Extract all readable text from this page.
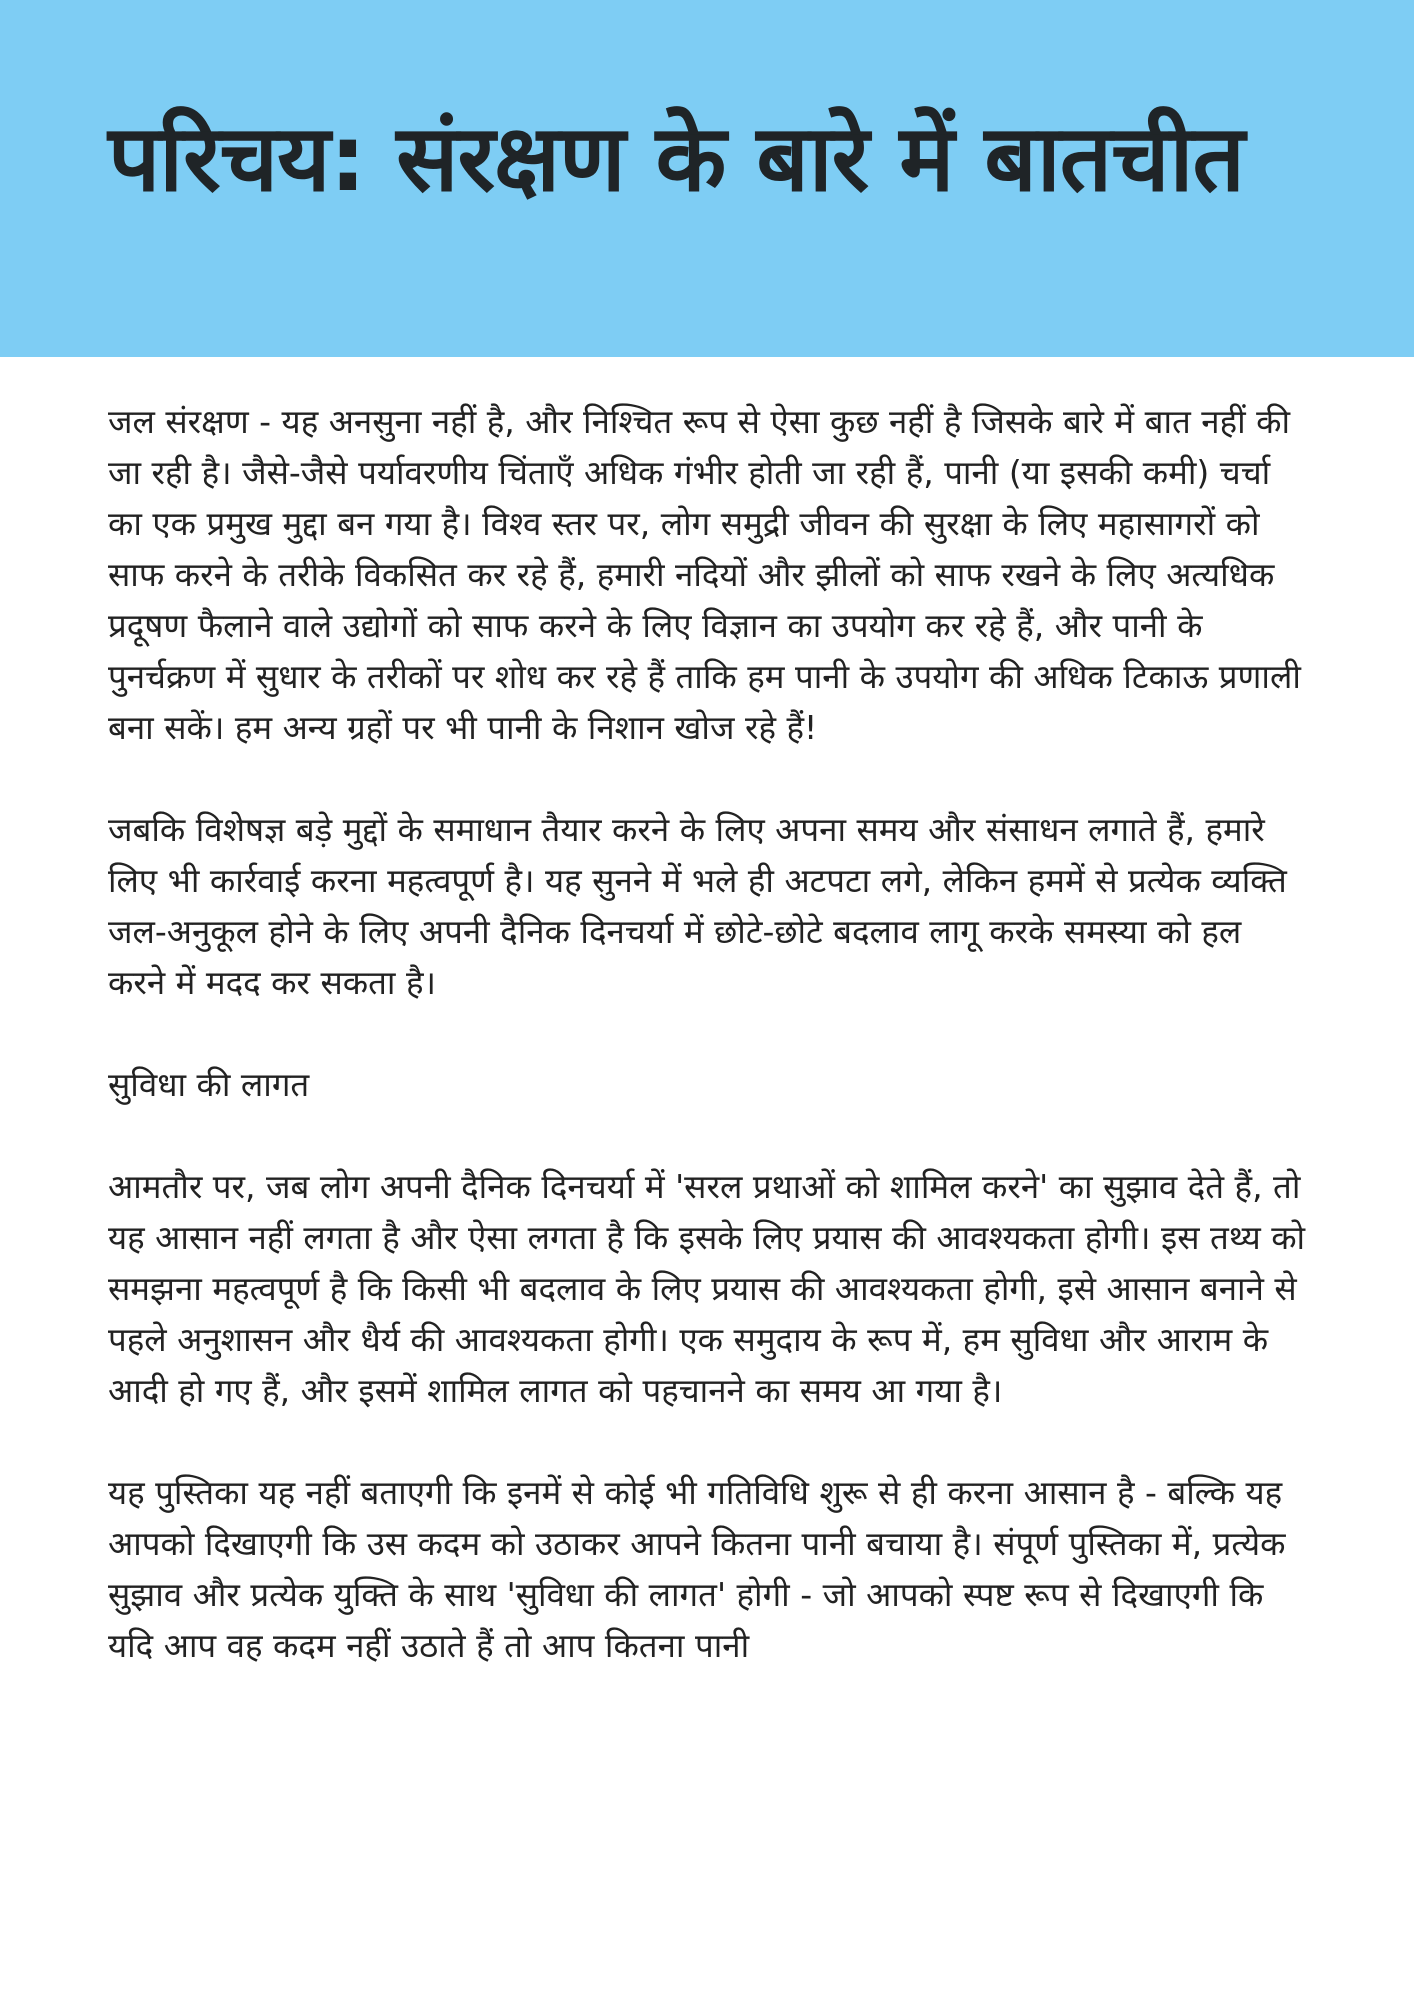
परिचय: संरक्षण के बारे में बातचीत

जल संरक्षण - यह अनसुना नहीं है, और निश्चित रूप से ऐसा कुछ नहीं है जिसके बारे में बात नहीं की जा रही है। जैसे-जैसे पर्यावरणीय चिंताएँ अधिक गंभीर होती जा रही हैं, पानी (या इसकी कमी) चर्चा का एक प्रमुख मुद्दा बन गया है। विश्व स्तर पर, लोग समुद्री जीवन की सुरक्षा के लिए महासागरों को साफ करने के तरीके विकसित कर रहे हैं, हमारी नदियों और झीलों को साफ रखने के लिए अत्यधिक प्रदूषण फैलाने वाले उद्योगों को साफ करने के लिए विज्ञान का उपयोग कर रहे हैं, और पानी के पुनर्चक्रण में सुधार के तरीकों पर शोध कर रहे हैं ताकि हम पानी के उपयोग की अधिक टिकाऊ प्रणाली बना सकें। हम अन्य ग्रहों पर भी पानी के निशान खोज रहे हैं!

जबकि विशेषज्ञ बड़े मुद्दों के समाधान तैयार करने के लिए अपना समय और संसाधन लगाते हैं, हमारे लिए भी कार्रवाई करना महत्वपूर्ण है। यह सुनने में भले ही अटपटा लगे, लेकिन हममें से प्रत्येक व्यक्ति जल-अनुकूल होने के लिए अपनी दैनिक दिनचर्या में छोटे-छोटे बदलाव लागू करके समस्या को हल करने में मदद कर सकता है।

सुविधा की लागत

आमतौर पर, जब लोग अपनी दैनिक दिनचर्या में 'सरल प्रथाओं को शामिल करने' का सुझाव देते हैं, तो यह आसान नहीं लगता है और ऐसा लगता है कि इसके लिए प्रयास की आवश्यकता होगी। इस तथ्य को समझना महत्वपूर्ण है कि किसी भी बदलाव के लिए प्रयास की आवश्यकता होगी, इसे आसान बनाने से पहले अनुशासन और धैर्य की आवश्यकता होगी। एक समुदाय के रूप में, हम सुविधा और आराम के आदी हो गए हैं, और इसमें शामिल लागत को पहचानने का समय आ गया है।

यह पुस्तिका यह नहीं बताएगी कि इनमें से कोई भी गतिविधि शुरू से ही करना आसान है - बल्कि यह आपको दिखाएगी कि उस कदम को उठाकर आपने कितना पानी बचाया है। संपूर्ण पुस्तिका में, प्रत्येक सुझाव और प्रत्येक युक्ति के साथ 'सुविधा की लागत' होगी - जो आपको स्पष्ट रूप से दिखाएगी कि यदि आप वह कदम नहीं उठाते हैं तो आप कितना पानी
